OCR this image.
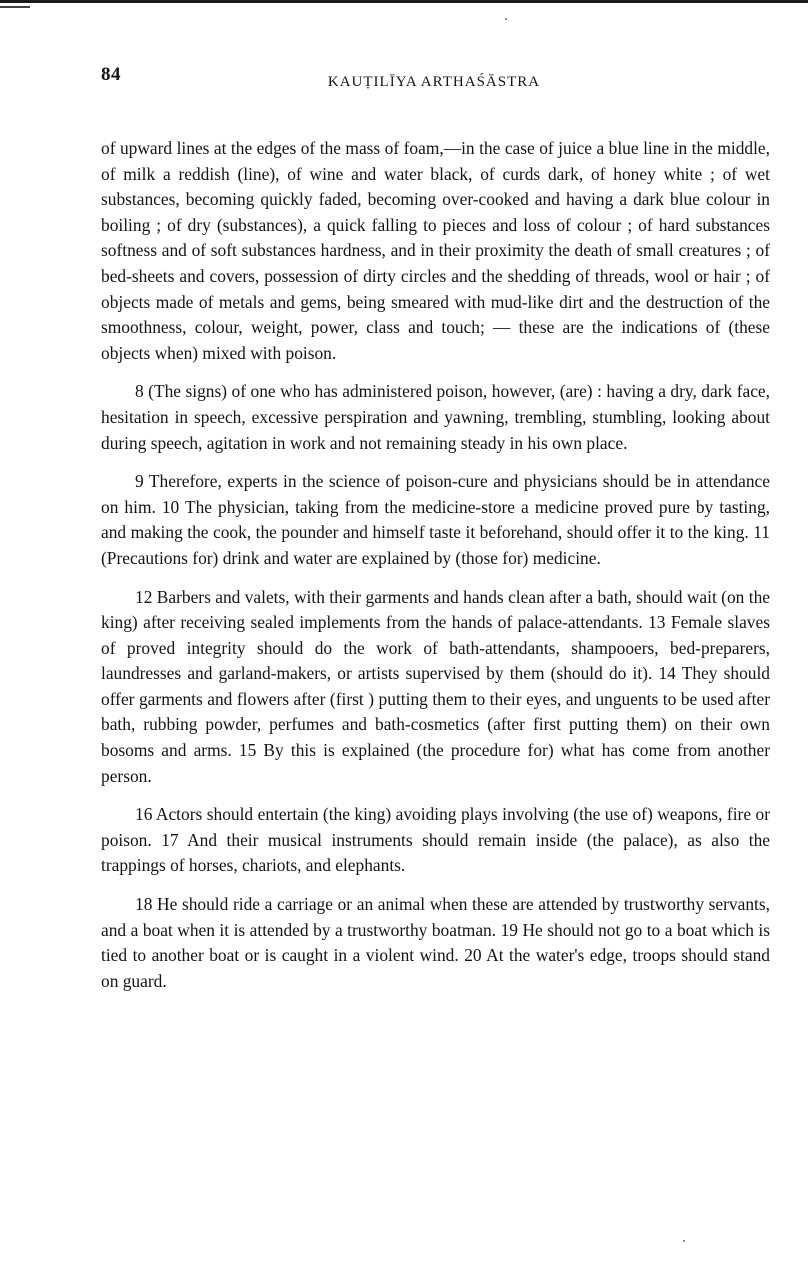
84	KAUṬILĪYA ARTHAŚĀSTRA

of upward lines at the edges of the mass of foam,—in the case of juice a blue line in the middle, of milk a reddish (line), of wine and water black, of curds dark, of honey white ; of wet substances, becoming quickly faded, becoming over-cooked and having a dark blue colour in boiling ; of dry (substances), a quick falling to pieces and loss of colour ; of hard substances softness and of soft substances hardness, and in their proximity the death of small creatures ; of bed-sheets and covers, possession of dirty circles and the shedding of threads, wool or hair ; of objects made of metals and gems, being smeared with mud-like dirt and the destruction of the smoothness, colour, weight, power, class and touch; — these are the indications of (these objects when) mixed with poison.

8 (The signs) of one who has administered poison, however, (are) : having a dry, dark face, hesitation in speech, excessive perspiration and yawning, trembling, stumbling, looking about during speech, agitation in work and not remaining steady in his own place.

9 Therefore, experts in the science of poison-cure and physicians should be in attendance on him. 10 The physician, taking from the medicine-store a medicine proved pure by tasting, and making the cook, the pounder and himself taste it beforehand, should offer it to the king. 11 (Precautions for) drink and water are explained by (those for) medicine.

12 Barbers and valets, with their garments and hands clean after a bath, should wait (on the king) after receiving sealed implements from the hands of palace-attendants. 13 Female slaves of proved integrity should do the work of bath-attendants, shampooers, bed-preparers, laundresses and garland-makers, or artists supervised by them (should do it). 14 They should offer garments and flowers after (first ) putting them to their eyes, and unguents to be used after bath, rubbing powder, perfumes and bath-cosmetics (after first putting them) on their own bosoms and arms. 15 By this is explained (the procedure for) what has come from another person.

16 Actors should entertain (the king) avoiding plays involving (the use of) weapons, fire or poison. 17 And their musical instruments should remain inside (the palace), as also the trappings of horses, chariots, and elephants.

18 He should ride a carriage or an animal when these are attended by trustworthy servants, and a boat when it is attended by a trustworthy boatman. 19 He should not go to a boat which is tied to another boat or is caught in a violent wind. 20 At the water's edge, troops should stand on guard.
